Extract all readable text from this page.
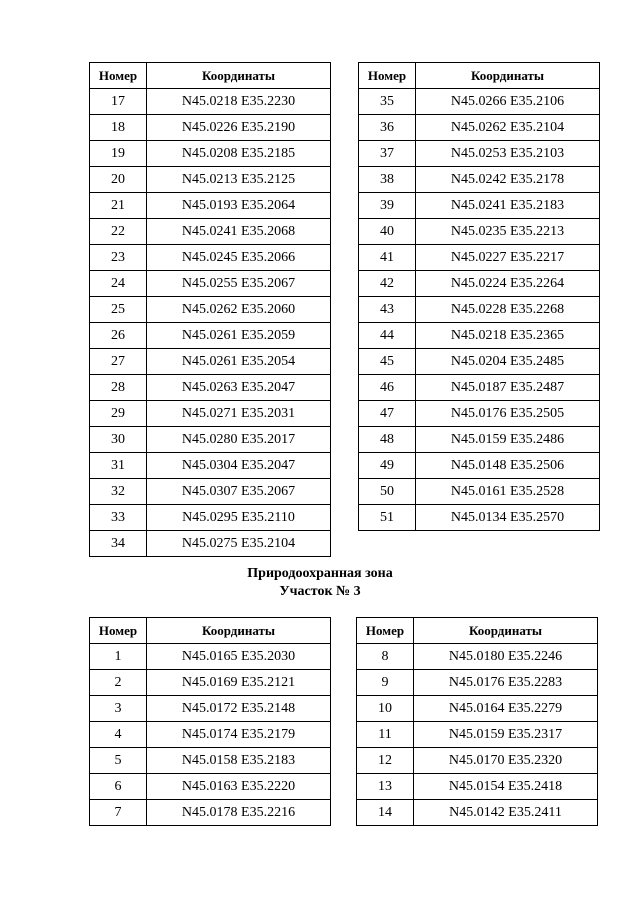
Номер	Координаты
17	N45.0218 E35.2230
18	N45.0226 E35.2190
19	N45.0208 E35.2185
20	N45.0213 E35.2125
21	N45.0193 E35.2064
22	N45.0241 E35.2068
23	N45.0245 E35.2066
24	N45.0255 E35.2067
25	N45.0262 E35.2060
26	N45.0261 E35.2059
27	N45.0261 E35.2054
28	N45.0263 E35.2047
29	N45.0271 E35.2031
30	N45.0280 E35.2017
31	N45.0304 E35.2047
32	N45.0307 E35.2067
33	N45.0295 E35.2110
34	N45.0275 E35.2104
Номер	Координаты
35	N45.0266 E35.2106
36	N45.0262 E35.2104
37	N45.0253 E35.2103
38	N45.0242 E35.2178
39	N45.0241 E35.2183
40	N45.0235 E35.2213
41	N45.0227 E35.2217
42	N45.0224 E35.2264
43	N45.0228 E35.2268
44	N45.0218 E35.2365
45	N45.0204 E35.2485
46	N45.0187 E35.2487
47	N45.0176 E35.2505
48	N45.0159 E35.2486
49	N45.0148 E35.2506
50	N45.0161 E35.2528
51	N45.0134 E35.2570
Природоохранная зона
Участок № 3
Номер	Координаты
1	N45.0165 E35.2030
2	N45.0169 E35.2121
3	N45.0172 E35.2148
4	N45.0174 E35.2179
5	N45.0158 E35.2183
6	N45.0163 E35.2220
7	N45.0178 E35.2216
Номер	Координаты
8	N45.0180 E35.2246
9	N45.0176 E35.2283
10	N45.0164 E35.2279
11	N45.0159 E35.2317
12	N45.0170 E35.2320
13	N45.0154 E35.2418
14	N45.0142 E35.2411
